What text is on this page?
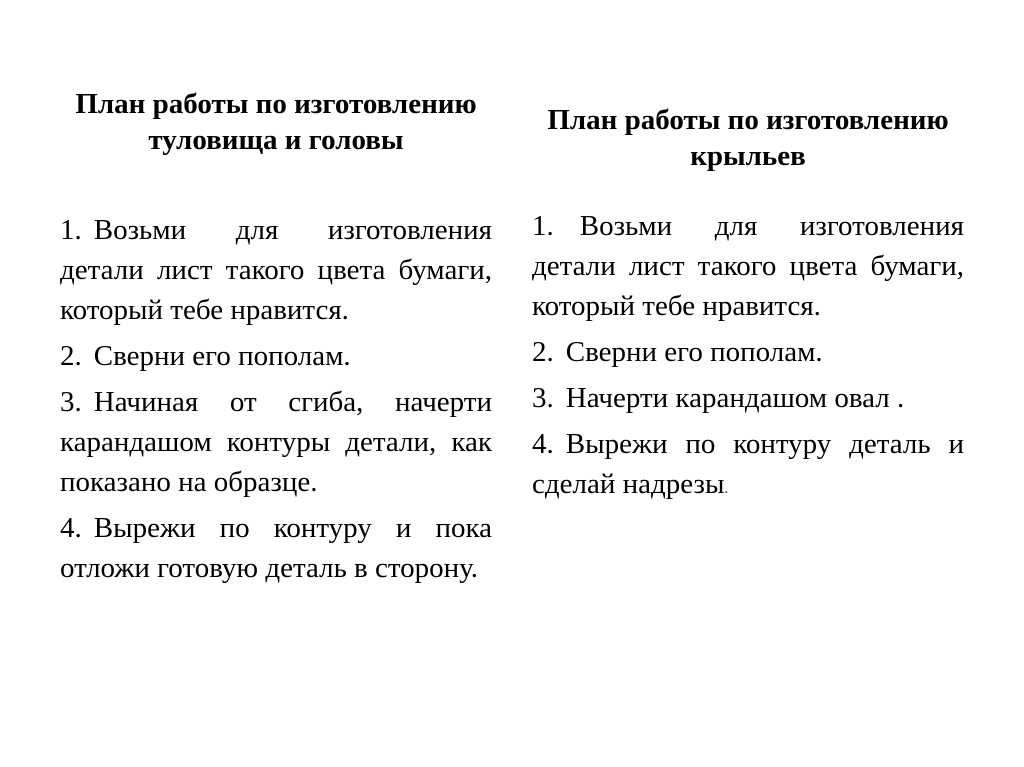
План работы по изготовлению туловища и головы
1. Возьми для изготовления детали лист такого цвета бумаги, который тебе нравится.
2. Сверни его пополам.
3. Начиная от сгиба, начерти карандашом контуры детали, как показано на образце.
4. Вырежи по контуру и пока отложи готовую деталь в сторону.
План работы по изготовлению крыльев
1. Возьми для изготовления детали лист такого цвета бумаги, который тебе нравится.
2. Сверни его пополам.
3. Начерти карандашом овал .
4. Вырежи по контуру деталь и сделай надрезы.
